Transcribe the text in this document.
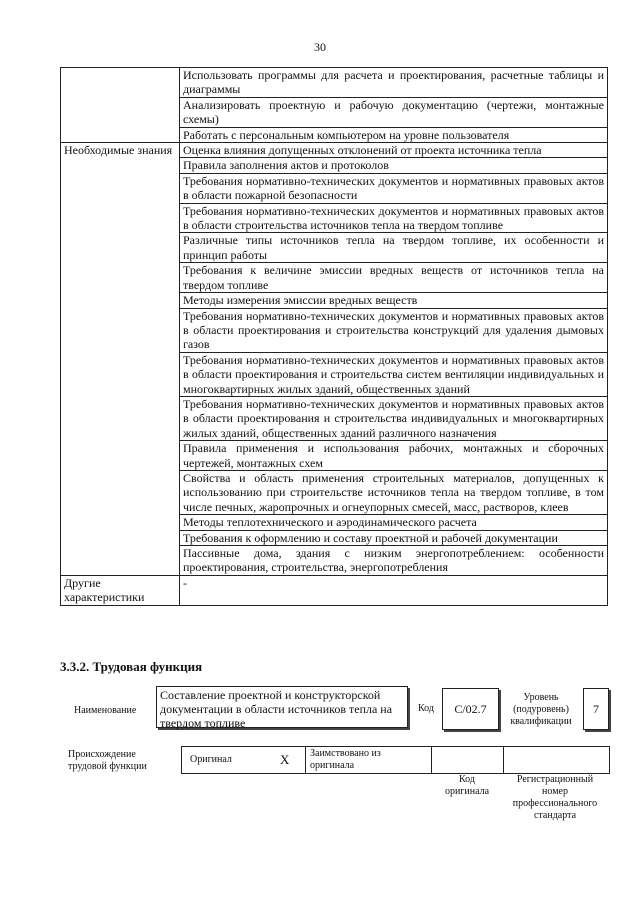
30
	Использовать программы для расчета и проектирования, расчетные таблицы и диаграммы
	Анализировать проектную и рабочую документацию (чертежи, монтажные схемы)
	Работать с персональным компьютером на уровне пользователя
Необходимые знания	Оценка влияния допущенных отклонений от проекта источника тепла
	Правила заполнения актов и протоколов
	Требования нормативно-технических документов и нормативных правовых актов в области пожарной безопасности
	Требования нормативно-технических документов и нормативных правовых актов в области строительства источников тепла на твердом топливе
	Различные типы источников тепла на твердом топливе, их особенности и принцип работы
	Требования к величине эмиссии вредных веществ от источников тепла на твердом топливе
	Методы измерения эмиссии вредных веществ
	Требования нормативно-технических документов и нормативных правовых актов в области проектирования и строительства конструкций для удаления дымовых газов
	Требования нормативно-технических документов и нормативных правовых актов в области проектирования и строительства систем вентиляции индивидуальных и многоквартирных жилых зданий, общественных зданий
	Требования нормативно-технических документов и нормативных правовых актов в области проектирования и строительства индивидуальных и многоквартирных жилых зданий, общественных зданий различного назначения
	Правила применения и использования рабочих, монтажных и сборочных чертежей, монтажных схем
	Свойства и область применения строительных материалов, допущенных к использованию при строительстве источников тепла на твердом топливе, в том числе печных, жаропрочных и огнеупорных смесей, масс, растворов, клеев
	Методы теплотехнического и аэродинамического расчета
	Требования к оформлению и составу проектной и рабочей документации
	Пассивные дома, здания с низким энергопотреблением: особенности проектирования, строительства, энергопотребления
Другие характеристики	-
3.3.2. Трудовая функция
Наименование
Составление проектной и конструкторской документации в области источников тепла на твердом топливе
Код C/02.7
Уровень (подуровень) квалификации
7
Происхождение трудовой функции
Оригинал	X Заимствовано из оригинала
Код оригинала
Регистрационный номер профессионального стандарта
